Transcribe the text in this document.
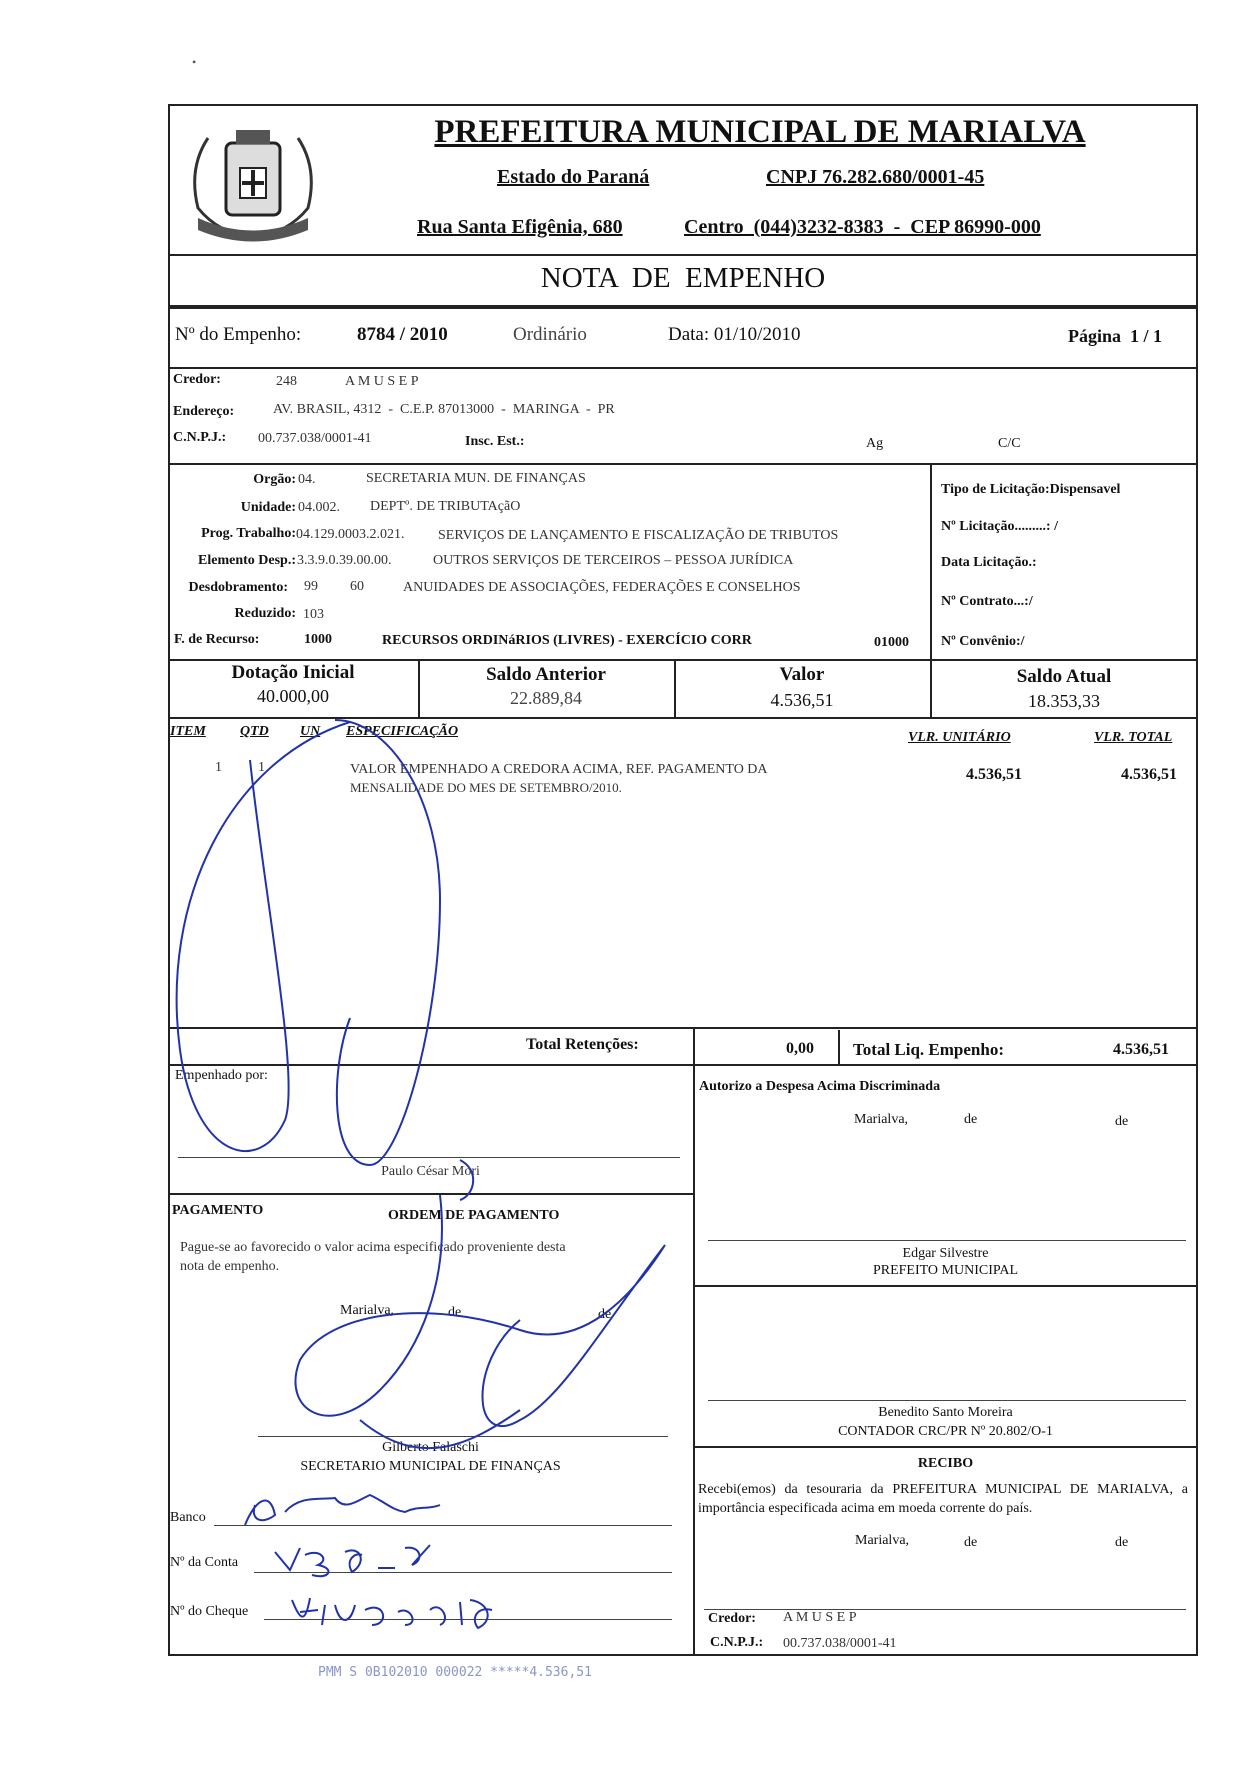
•
PREFEITURA MUNICIPAL DE MARIALVA
Estado do Paraná	CNPJ 76.282.680/0001-45
Rua Santa Efigênia, 680	Centro  (044)3232-8383  -  CEP 86990-000
NOTA  DE  EMPENHO
Nº do Empenho:	8784 / 2010	Ordinário	Data: 01/10/2010	Página  1 / 1
Credor:	248	A M U S E P
Endereço:	AV. BRASIL, 4312  -  C.E.P. 87013000  -  MARINGA  -  PR
C.N.P.J.: 00.737.038/0001-41	Insc. Est.:	Ag	C/C
Orgão: 04.	SECRETARIA MUN. DE FINANÇAS
Unidade: 04.002. DEPTº. DE TRIBUTAçãO
Prog. Trabalho: 04.129.0003.2.021. SERVIÇOS DE LANÇAMENTO E FISCALIZAÇÃO DE TRIBUTOS
Elemento Desp.: 3.3.9.0.39.00.00.	OUTROS SERVIÇOS DE TERCEIROS – PESSOA JURÍDICA
Desdobramento: 99 60	ANUIDADES DE ASSOCIAÇÕES, FEDERAÇÕES E CONSELHOS
Reduzido: 103
F. de Recurso:	1000	RECURSOS ORDINáRIOS (LIVRES) - EXERCÍCIO CORR	01000
Tipo de Licitação:Dispensavel
Nº Licitação.........: /
Data Licitação.:
Nº Contrato...:/
Nº Convênio:/
Dotação Inicial
40.000,00
Saldo Anterior
22.889,84
Valor
4.536,51
Saldo Atual
18.353,33
ITEM QTD UN ESPECIFICAÇÃO	VLR. UNITÁRIO	VLR. TOTAL
1	1	VALOR EMPENHADO A CREDORA ACIMA, REF. PAGAMENTO DA
MENSALIDADE DO MES DE SETEMBRO/2010.
4.536,51	4.536,51
Total Retenções:	0,00 Total Liq. Empenho:	4.536,51
Empenhado por:
Paulo César Mori
Autorizo a Despesa Acima Discriminada
Marialva,	de	de
Edgar Silvestre
PREFEITO MUNICIPAL
Benedito Santo Moreira
CONTADOR CRC/PR Nº 20.802/O-1
PAGAMENTO	ORDEM DE PAGAMENTO
Pague-se ao favorecido o valor acima especificado proveniente desta
nota de empenho.
Marialva,	de	de
Gilberto Falaschi
SECRETARIO MUNICIPAL DE FINANÇAS
Banco
Nº da Conta
Nº do Cheque
RECIBO
Recebi(emos) da tesouraria da PREFEITURA MUNICIPAL DE MARIALVA, a importância especificada acima em moeda corrente do país.
Marialva,	de	de
Credor: A M U S E P
C.N.P.J.: 00.737.038/0001-41
PMM S 0B102010 000022 *****4.536,51
